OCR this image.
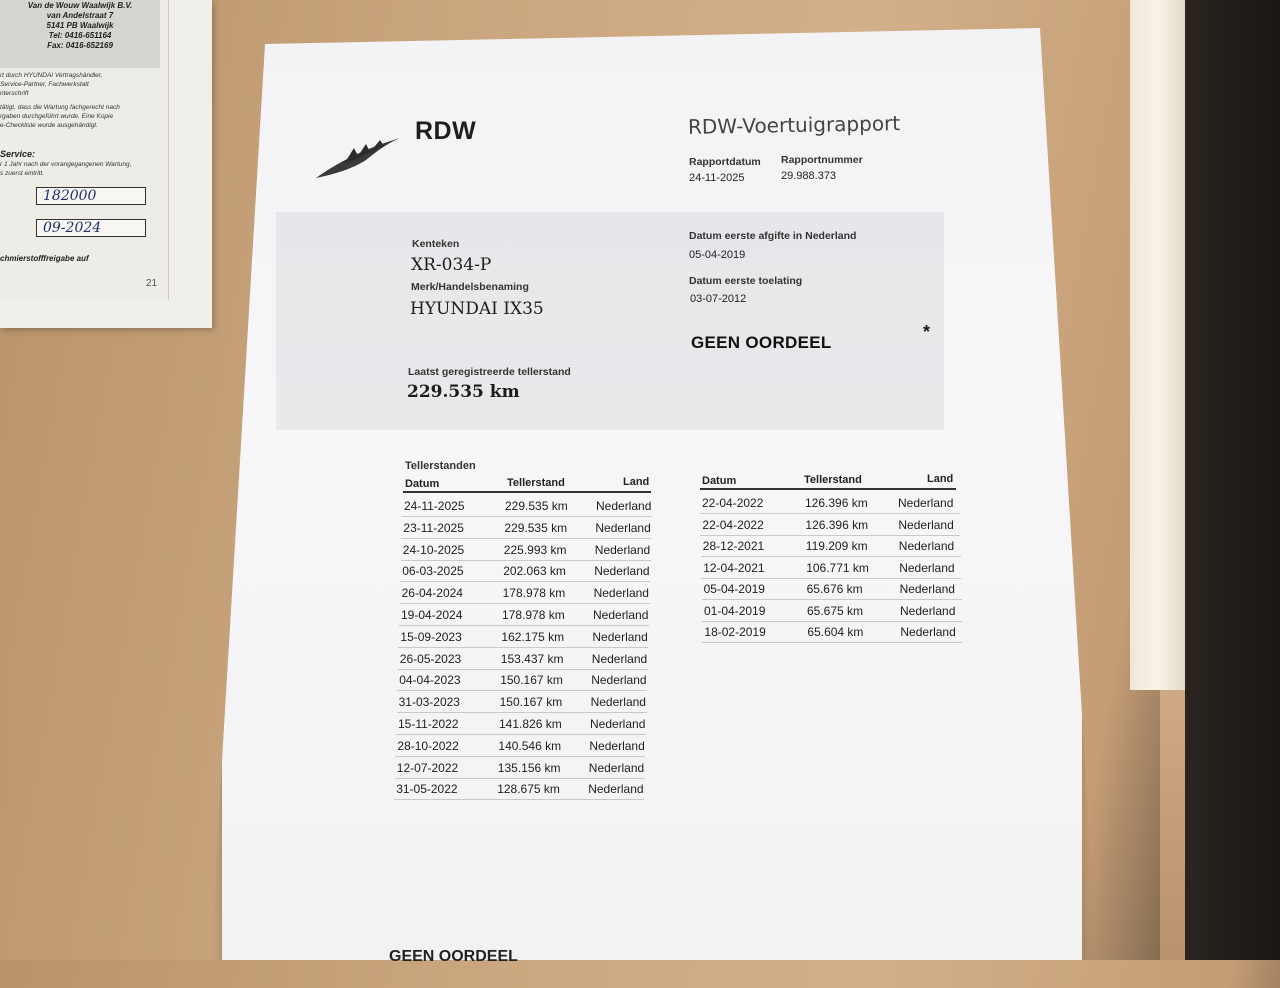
Van de Wouw Waalwijk B.V.
van Andelstraat 7
5141 PB Waalwijk
Tel: 0416-651164
Fax: 0416-652169
rt durch HYUNDAI Vertragshändler,
Service-Partner, Fachwerkstatt
nterschrift
tätigt, dass die Wartung fachgerecht nach
rgaben durchgeführt wurde. Eine Kopie
e-Checkliste wurde ausgehändigt.
Service:
r 1 Jahr nach der vorangegangenen Wartung,
s zuerst eintritt.
182000
09-2024
chmierstofffreigabe auf
21
RDW	RDW-Voertuigrapport
Rapportdatum
24-11-2025
Rapportnummer
29.988.373
Kenteken
XR-034-P
Merk/Handelsbenaming
HYUNDAI IX35
Datum eerste afgifte in Nederland
05-04-2019
Datum eerste toelating
03-07-2012
GEEN OORDEEL
*
Laatst geregistreerde tellerstand
229.535 km
Tellerstanden
Datum	Tellerstand	Land	Datum	Tellerstand	Land
24-11-2025	229.535 km Nederland
23-11-2025	229.535 km Nederland
24-10-2025	225.993 km Nederland
06-03-2025	202.063 km Nederland
26-04-2024	178.978 km Nederland
19-04-2024	178.978 km Nederland
15-09-2023	162.175 km Nederland
26-05-2023	153.437 km Nederland
04-04-2023	150.167 km Nederland
31-03-2023	150.167 km Nederland
15-11-2022	141.826 km Nederland
28-10-2022	140.546 km Nederland
12-07-2022	135.156 km Nederland
31-05-2022	128.675 km Nederland
22-04-2022	126.396 km	Nederland
22-04-2022	126.396 km	Nederland
28-12-2021	119.209 km	Nederland
12-04-2021	106.771 km	Nederland
05-04-2019	65.676 km	Nederland
01-04-2019	65.675 km	Nederland
18-02-2019	65.604 km	Nederland
GEEN OORDEEL
